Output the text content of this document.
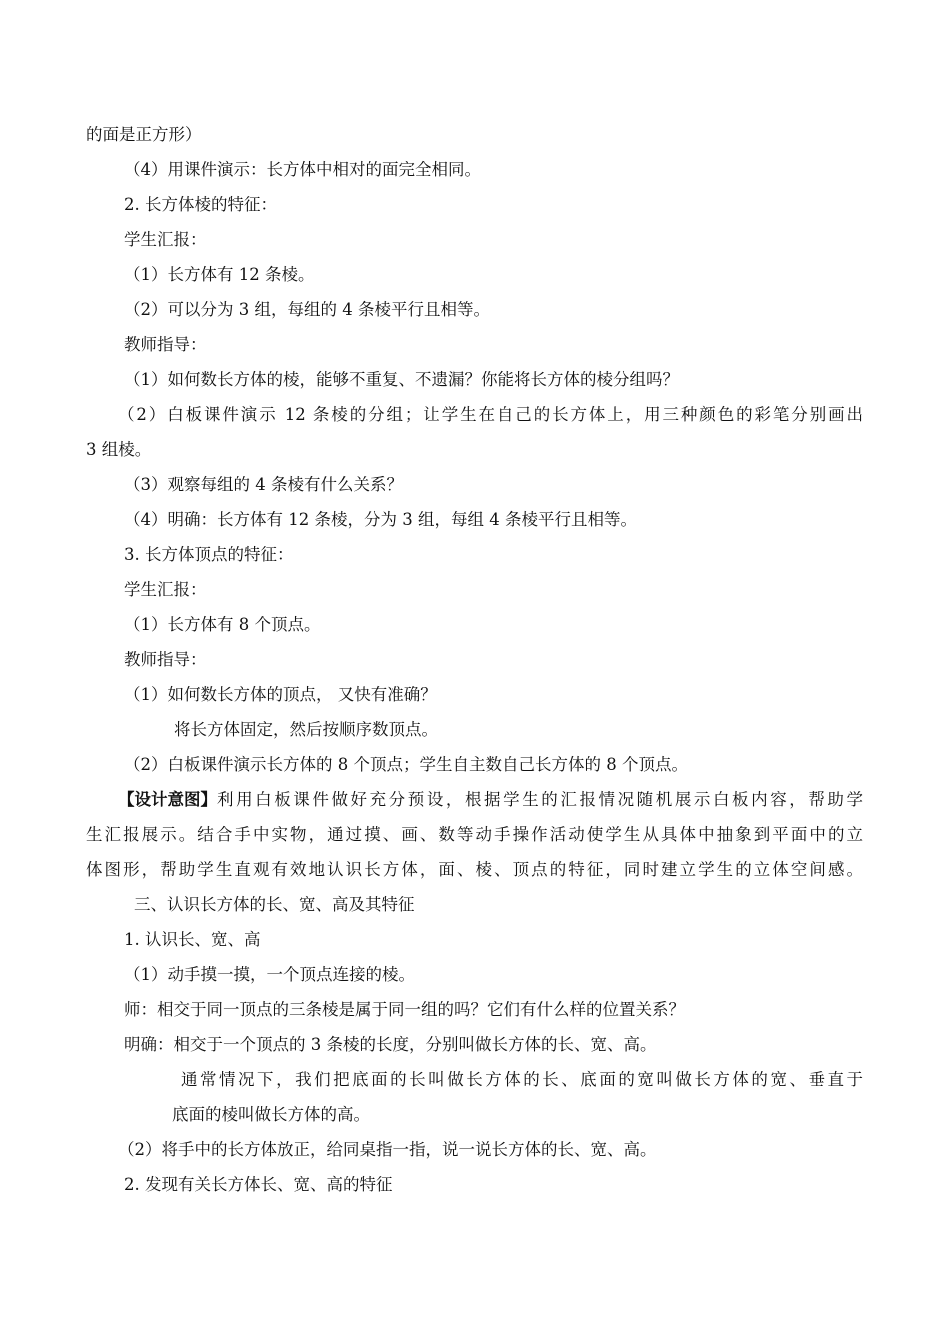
的面是正方形）
（4）用课件演示：长方体中相对的面完全相同。
2. 长方体棱的特征：
学生汇报：
（1）长方体有 12 条棱。
（2）可以分为 3 组，每组的 4 条棱平行且相等。
教师指导：
（1）如何数长方体的棱，能够不重复、不遗漏？你能将长方体的棱分组吗？
（2）白板课件演示 12 条棱的分组；让学生在自己的长方体上，用三种颜色的彩笔分别画出
3 组棱。
（3）观察每组的 4 条棱有什么关系？
（4）明确：长方体有 12 条棱，分为 3 组，每组 4 条棱平行且相等。
3. 长方体顶点的特征：
学生汇报：
（1）长方体有 8 个顶点。
教师指导：
（1）如何数长方体的顶点， 又快有准确？
将长方体固定，然后按顺序数顶点。
（2）白板课件演示长方体的 8 个顶点；学生自主数自己长方体的 8 个顶点。
【设计意图】 利用白板课件做好充分预设，根据学生的汇报情况随机展示白板内容，帮助学
生汇报展示。结合手中实物，通过摸、画、数等动手操作活动使学生从具体中抽象到平面中的立
体图形，帮助学生直观有效地认识长方体，面、棱、顶点的特征，同时建立学生的立体空间感。
三、认识长方体的长、宽、高及其特征
1. 认识长、宽、高
（1）动手摸一摸，一个顶点连接的棱。
师：相交于同一顶点的三条棱是属于同一组的吗？它们有什么样的位置关系？
明确：相交于一个顶点的 3 条棱的长度，分别叫做长方体的长、宽、高。
通常情况下，我们把底面的长叫做长方体的长、底面的宽叫做长方体的宽、垂直于
底面的棱叫做长方体的高。
（2）将手中的长方体放正，给同桌指一指，说一说长方体的长、宽、高。
2. 发现有关长方体长、宽、高的特征
